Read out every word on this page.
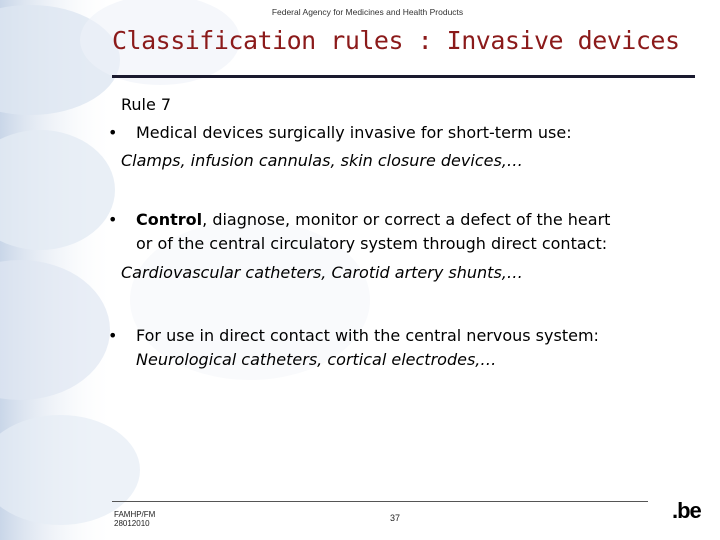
Federal Agency for Medicines and Health Products
Classification rules : Invasive devices
Rule 7
• Medical devices surgically invasive for short-term use:
Clamps, infusion cannulas, skin closure devices,…
• Control, diagnose, monitor or correct a defect of the heart
or of the central circulatory system through direct contact:
Cardiovascular catheters, Carotid artery shunts,…
• For use in direct contact with the central nervous system:
Neurological catheters, cortical electrodes,…
FAMHP/FM
28012010
37	.be
